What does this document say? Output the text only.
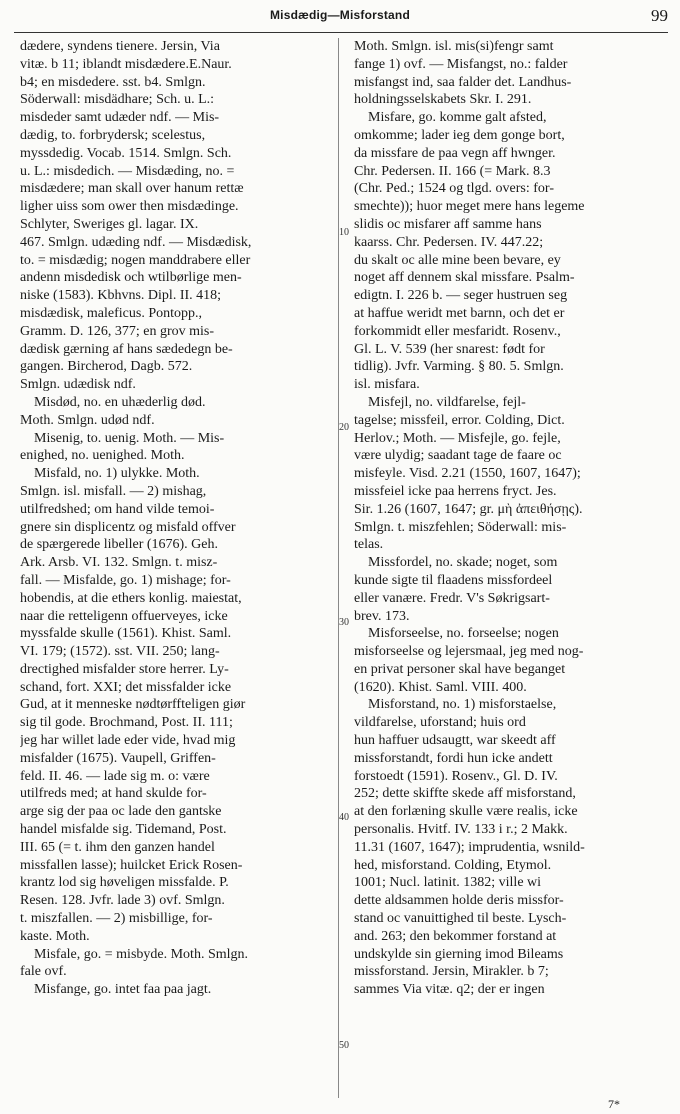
Misdædig—Misforstand	99
dædere, syndens tienere. Jersin, Via
vitæ. b 11; iblandt misdædere.E.Naur.
b4; en misdedere. sst. b4. Smlgn.
Söderwall: misdädhare; Sch. u. L.:
misdeder samt udæder ndf. — Mis-
dædig, to. forbrydersk; scelestus,
myssdedig. Vocab. 1514. Smlgn. Sch.
u. L.: misdedich. — Misdæding, no. =
misdædere; man skall over hanum rettæ
ligher uiss som ower then misdædinge.
Schlyter, Sweriges gl. lagar. IX.
467. Smlgn. udæding ndf. — Misdædisk,
to. = misdædig; nogen manddrabere eller
andenn misdedisk och wtilbørlige men-
niske (1583). Kbhvns. Dipl. II. 418;
misdædisk, maleficus. Pontopp.,
Gramm. D. 126, 377; en grov mis-
dædisk gærning af hans sædedegn be-
gangen. Bircherod, Dagb. 572.
Smlgn. udædisk ndf.
Misdød, no. en uhæderlig død.
Moth. Smlgn. udød ndf.
Misenig, to. uenig. Moth. — Mis-
enighed, no. uenighed. Moth.
Misfald, no. 1) ulykke. Moth.
Smlgn. isl. misfall. — 2) mishag,
utilfredshed; om hand vilde temoi-
gnere sin displicentz og misfald offver
de spærgerede libeller (1676). Geh.
Ark. Arsb. VI. 132. Smlgn. t. misz-
fall. — Misfalde, go. 1) mishage; for-
hobendis, at die ethers konlig. maiestat,
naar die retteligenn offuerveyes, icke
myssfalde skulle (1561). Khist. Saml.
VI. 179; (1572). sst. VII. 250; lang-
drectighed misfalder store herrer. Ly-
schand, fort. XXI; det missfalder icke
Gud, at it menneske nødtørffteligen giør
sig til gode. Brochmand, Post. II. 111;
jeg har willet lade eder vide, hvad mig
misfalder (1675). Vaupell, Griffen-
feld. II. 46. — lade sig m. o: være
utilfreds med; at hand skulde for-
arge sig der paa oc lade den gantske
handel misfalde sig. Tidemand, Post.
III. 65 (= t. ihm den ganzen handel
missfallen lasse); huilcket Erick Rosen-
krantz lod sig høveligen missfalde. P.
Resen. 128. Jvfr. lade 3) ovf. Smlgn.
t. miszfallen. — 2) misbillige, for-
kaste. Moth.
Misfale, go. = misbyde. Moth. Smlgn.
fale ovf.
Misfange, go. intet faa paa jagt.
Moth. Smlgn. isl. mis(si)fengr samt
fange 1) ovf. — Misfangst, no.: falder
misfangst ind, saa falder det. Landhus-
holdningsselskabets Skr. I. 291.
Misfare, go. komme galt afsted,
omkomme; lader ieg dem gonge bort,
da missfare de paa vegn aff hwnger.
Chr. Pedersen. II. 166 (= Mark. 8.3
(Chr. Ped.; 1524 og tlgd. overs: for-
smechte)); huor meget mere hans legeme
slidis oc misfarer aff samme hans
kaarss. Chr. Pedersen. IV. 447.22;
du skalt oc alle mine been bevare, ey
noget aff dennem skal missfare. Psalm-
edigtn. I. 226 b. — seger hustruen seg
at haffue weridt met barnn, och det er
forkommidt eller mesfaridt. Rosenv.,
Gl. L. V. 539 (her snarest: født for
tidlig). Jvfr. Varming. § 80. 5. Smlgn.
isl. misfara.
Misfejl, no. vildfarelse, fejl-
tagelse; missfeil, error. Colding, Dict.
Herlov.; Moth. — Misfejle, go. fejle,
være ulydig; saadant tage de faare oc
misfeyle. Visd. 2.21 (1550, 1607, 1647);
missfeiel icke paa herrens fryct. Jes.
Sir. 1.26 (1607, 1647; gr. μὴ ἀπειθήσῃς).
Smlgn. t. miszfehlen; Söderwall: mis-
telas.
Missfordel, no. skade; noget, som
kunde sigte til flaadens missfordeel
eller vanære. Fredr. V's Søkrigsart-
brev. 173.
Misforseelse, no. forseelse; nogen
misforseelse og lejersmaal, jeg med nog-
en privat personer skal have beganget
(1620). Khist. Saml. VIII. 400.
Misforstand, no. 1) misforstaelse,
vildfarelse, uforstand; huis ord
hun haffuer udsaugtt, war skeedt aff
missforstandt, fordi hun icke andett
forstoedt (1591). Rosenv., Gl. D. IV.
252; dette skiffte skede aff misforstand,
at den forlæning skulle være realis, icke
personalis. Hvitf. IV. 133 i r.; 2 Makk.
11.31 (1607, 1647); imprudentia, wsnild-
hed, misforstand. Colding, Etymol.
1001; Nucl. latinit. 1382; ville wi
dette aldsammen holde deris missfor-
stand oc vanuittighed til beste. Lysch-
and. 263; den bekommer forstand at
undskylde sin gierning imod Bileams
missforstand. Jersin, Mirakler. b 7;
sammes Via vitæ. q2; der er ingen
10
20
30
40
50
7*
